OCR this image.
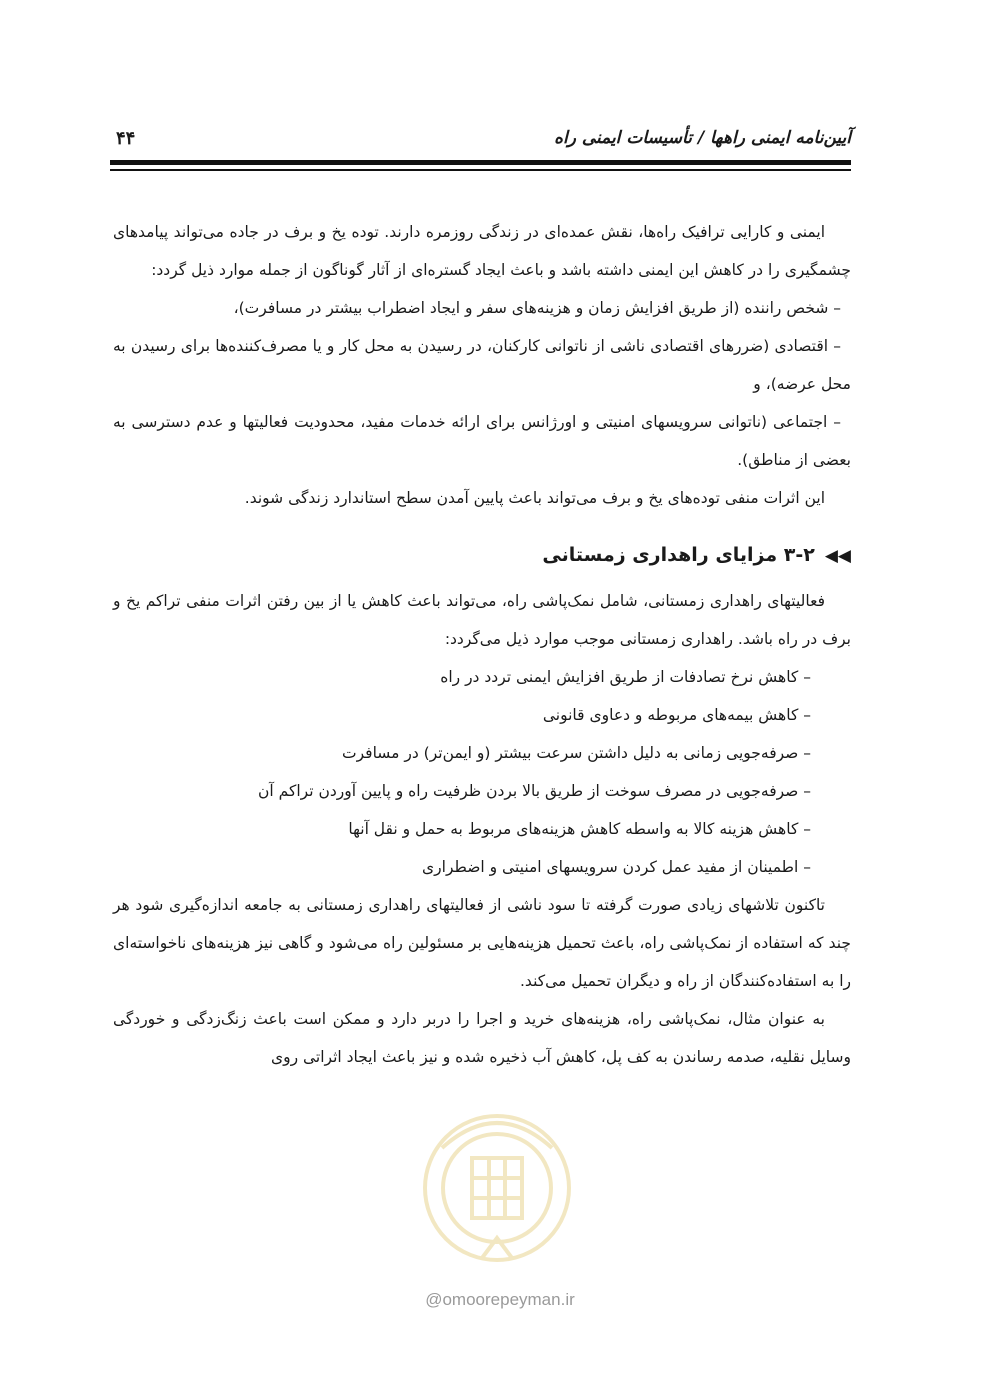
آیین‌نامه ایمنی راهها / تأسیسات ایمنی راه
۴۴

ایمنی و کارایی ترافیک راه‌ها، نقش عمده‌ای در زندگی روزمره دارند. توده یخ و برف در جاده می‌تواند پیامدهای چشمگیری را در کاهش این ایمنی داشته باشد و باعث ایجاد گستره‌ای از آثار گوناگون از جمله موارد ذیل گردد:

– شخص راننده (از طریق افزایش زمان و هزینه‌های سفر و ایجاد اضطراب بیشتر در مسافرت)،

– اقتصادی (ضررهای اقتصادی ناشی از ناتوانی کارکنان، در رسیدن به محل کار و یا مصرف‌کننده‌ها برای رسیدن به محل عرضه)، و

– اجتماعی (ناتوانی سرویسهای امنیتی و اورژانس برای ارائه خدمات مفید، محدودیت فعالیتها و عدم دسترسی به بعضی از مناطق).

این اثرات منفی توده‌های یخ و برف می‌تواند باعث پایین آمدن سطح استاندارد زندگی شوند.

◀◀۳-۲ مزایای راهداری زمستانی

فعالیتهای راهداری زمستانی، شامل نمک‌پاشی راه، می‌تواند باعث کاهش یا از بین رفتن اثرات منفی تراکم یخ و برف در راه باشد. راهداری زمستانی موجب موارد ذیل می‌گردد:

– کاهش نرخ تصادفات از طریق افزایش ایمنی تردد در راه

– کاهش بیمه‌های مربوطه و دعاوی قانونی

– صرفه‌جویی زمانی به دلیل داشتن سرعت بیشتر (و ایمن‌تر) در مسافرت

– صرفه‌جویی در مصرف سوخت از طریق بالا بردن ظرفیت راه و پایین آوردن تراکم آن

– کاهش هزینه کالا به واسطه کاهش هزینه‌های مربوط به حمل و نقل آنها

– اطمینان از مفید عمل کردن سرویسهای امنیتی و اضطراری

تاکنون تلاشهای زیادی صورت گرفته تا سود ناشی از فعالیتهای راهداری زمستانی به جامعه اندازه‌گیری شود هر چند که استفاده از نمک‌پاشی راه، باعث تحمیل هزینه‌هایی بر مسئولین راه می‌شود و گاهی نیز هزینه‌های ناخواسته‌ای را به استفاده‌کنندگان از راه و دیگران تحمیل می‌کند.

به عنوان مثال، نمک‌پاشی راه، هزینه‌های خرید و اجرا را دربر دارد و ممکن است باعث زنگ‌زدگی و خوردگی وسایل نقلیه، صدمه رساندن به کف پل، کاهش آب ذخیره شده و نیز باعث ایجاد اثراتی روی

@omoorepeyman.ir
